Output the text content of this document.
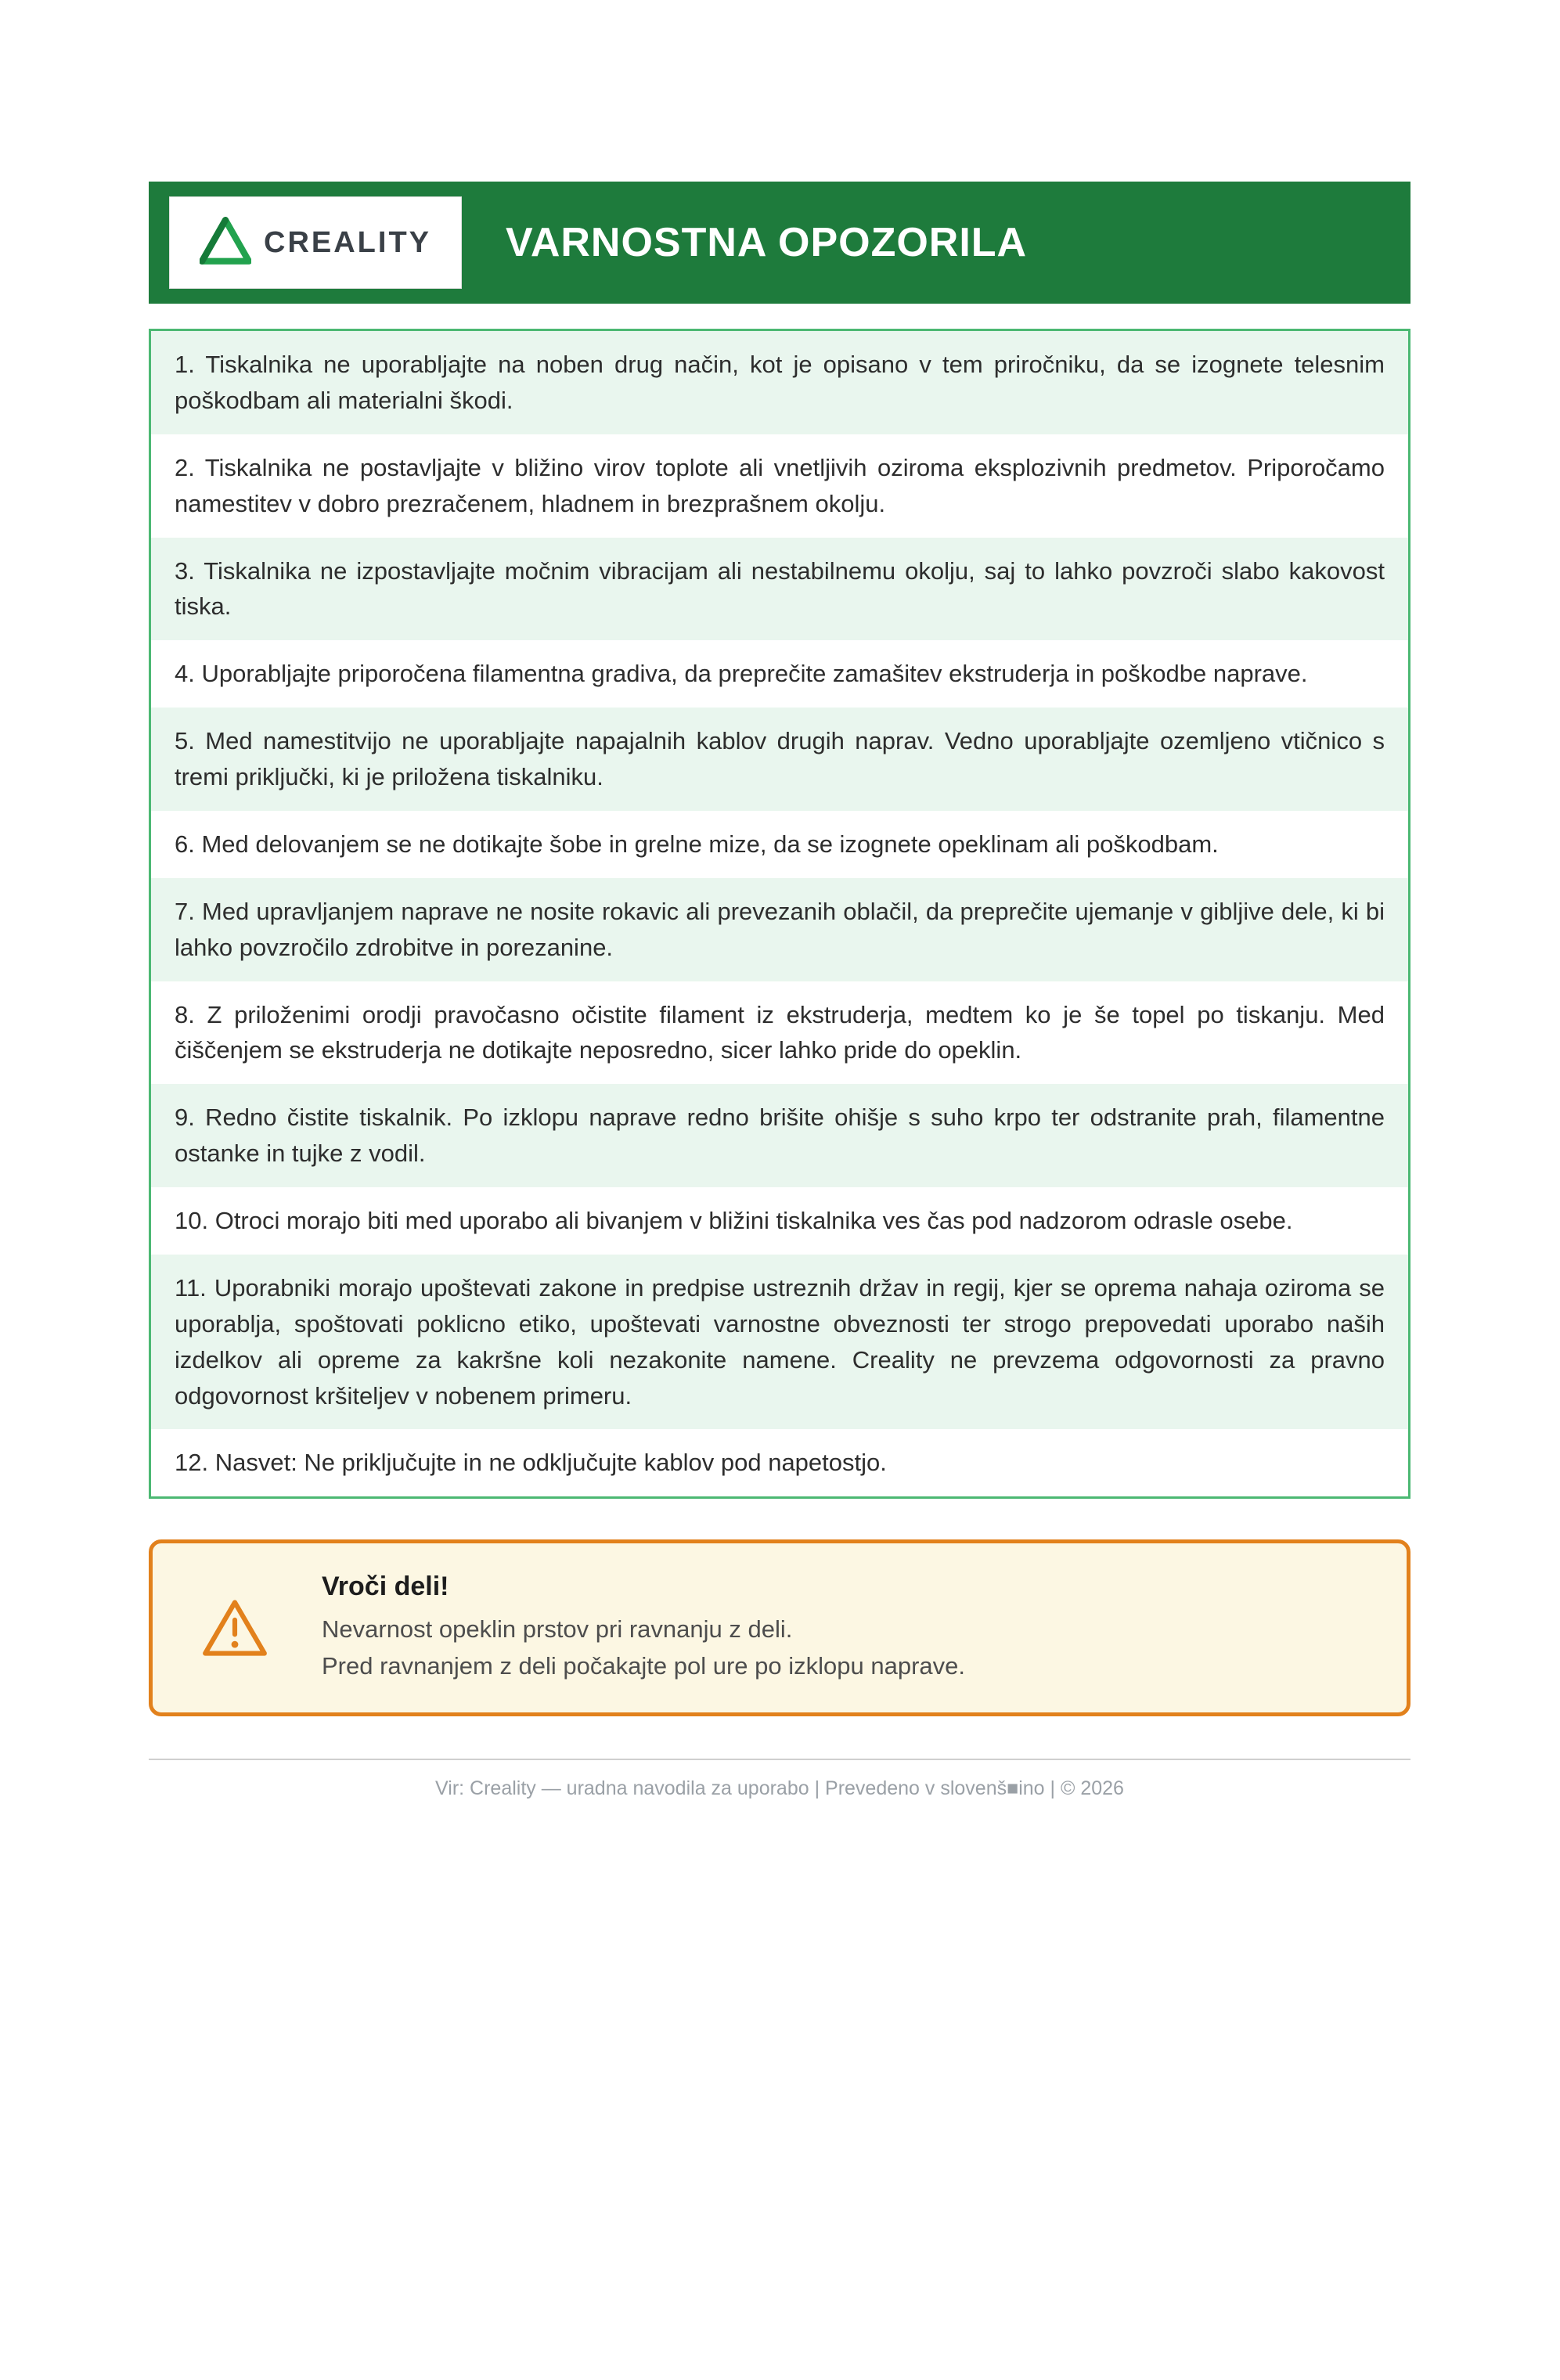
CREALITY VARNOSTNA OPOZORILA
1. Tiskalnika ne uporabljajte na noben drug način, kot je opisano v tem priročniku, da se izognete telesnim poškodbam ali materialni škodi.
2. Tiskalnika ne postavljajte v bližino virov toplote ali vnetljivih oziroma eksplozivnih predmetov. Priporočamo namestitev v dobro prezračenem, hladnem in brezprašnem okolju.
3. Tiskalnika ne izpostavljajte močnim vibracijam ali nestabilnemu okolju, saj to lahko povzroči slabo kakovost tiska.
4. Uporabljajte priporočena filamentna gradiva, da preprečite zamašitev ekstruderja in poškodbe naprave.
5. Med namestitvijo ne uporabljajte napajalnih kablov drugih naprav. Vedno uporabljajte ozemljeno vtičnico s tremi priključki, ki je priložena tiskalniku.
6. Med delovanjem se ne dotikajte šobe in grelne mize, da se izognete opeklinam ali poškodbam.
7. Med upravljanjem naprave ne nosite rokavic ali prevezanih oblačil, da preprečite ujemanje v gibljive dele, ki bi lahko povzročilo zdrobitve in porezanine.
8. Z priloženimi orodji pravočasno očistite filament iz ekstruderja, medtem ko je še topel po tiskanju. Med čiščenjem se ekstruderja ne dotikajte neposredno, sicer lahko pride do opeklin.
9. Redno čistite tiskalnik. Po izklopu naprave redno brišite ohišje s suho krpo ter odstranite prah, filamentne ostanke in tujke z vodil.
10. Otroci morajo biti med uporabo ali bivanjem v bližini tiskalnika ves čas pod nadzorom odrasle osebe.
11. Uporabniki morajo upoštevati zakone in predpise ustreznih držav in regij, kjer se oprema nahaja oziroma se uporablja, spoštovati poklicno etiko, upoštevati varnostne obveznosti ter strogo prepovedati uporabo naših izdelkov ali opreme za kakršne koli nezakonite namene. Creality ne prevzema odgovornosti za pravno odgovornost kršiteljev v nobenem primeru.
12. Nasvet: Ne priključujte in ne odključujte kablov pod napetostjo.
Vroči deli!
Nevarnost opeklin prstov pri ravnanju z deli.
Pred ravnanjem z deli počakajte pol ure po izklopu naprave.
Vir: Creality — uradna navodila za uporabo | Prevedeno v slovenš■ino | © 2026
